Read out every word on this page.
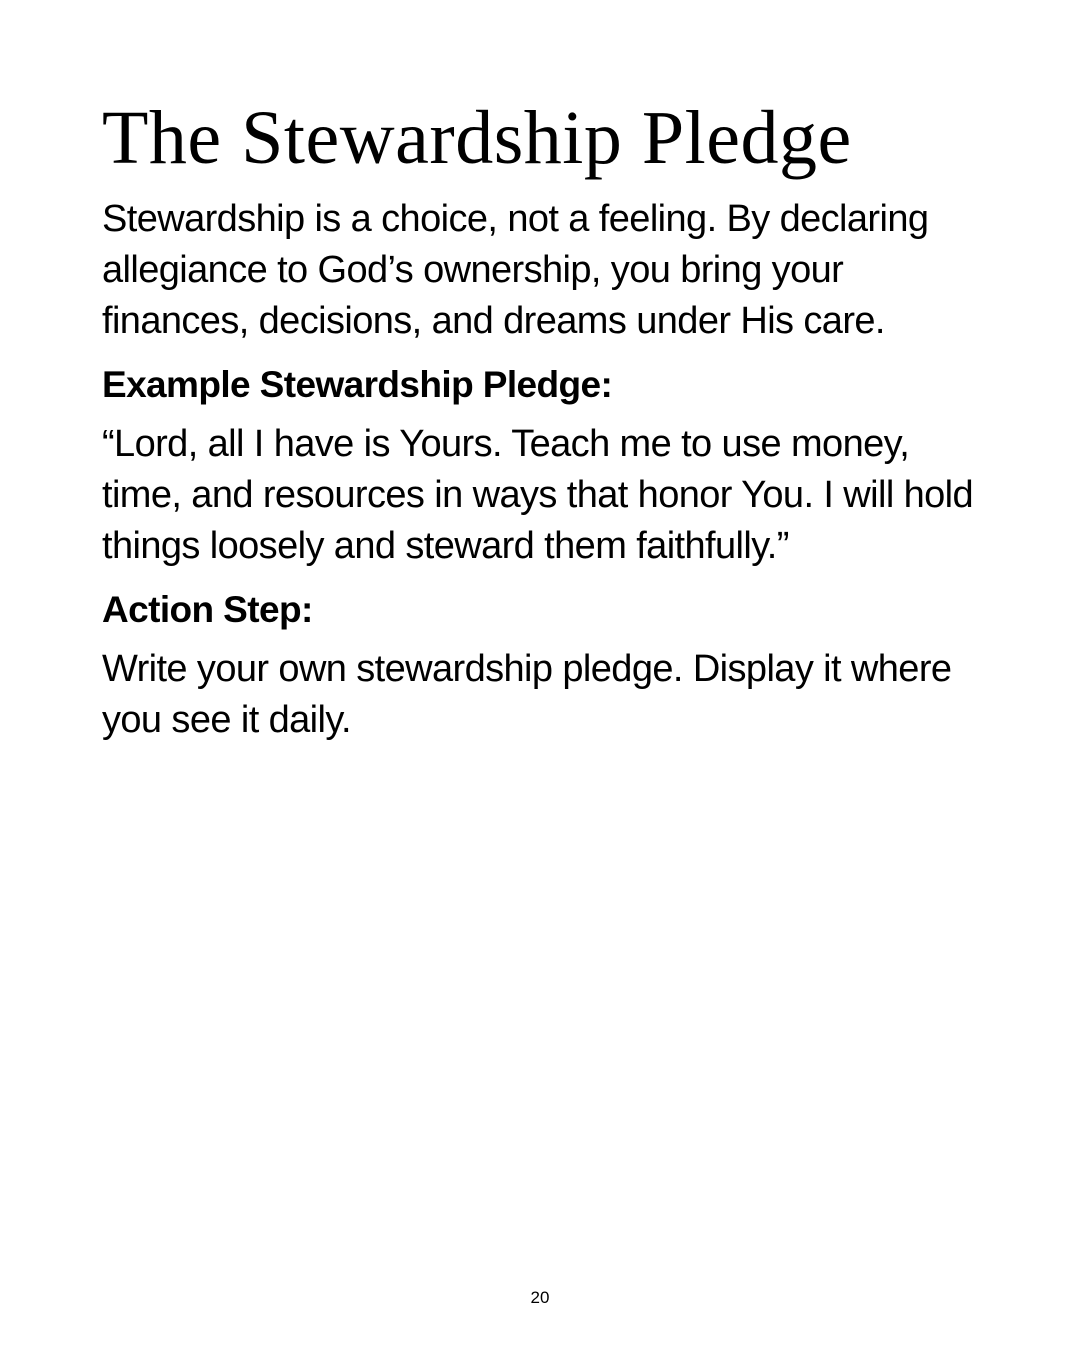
The Stewardship Pledge

Stewardship is a choice, not a feeling. By declaring allegiance to God’s ownership, you bring your finances, decisions, and dreams under His care.

Example Stewardship Pledge:

“Lord, all I have is Yours. Teach me to use money, time, and resources in ways that honor You. I will hold things loosely and steward them faithfully.”

Action Step:

Write your own stewardship pledge. Display it where you see it daily.

20
